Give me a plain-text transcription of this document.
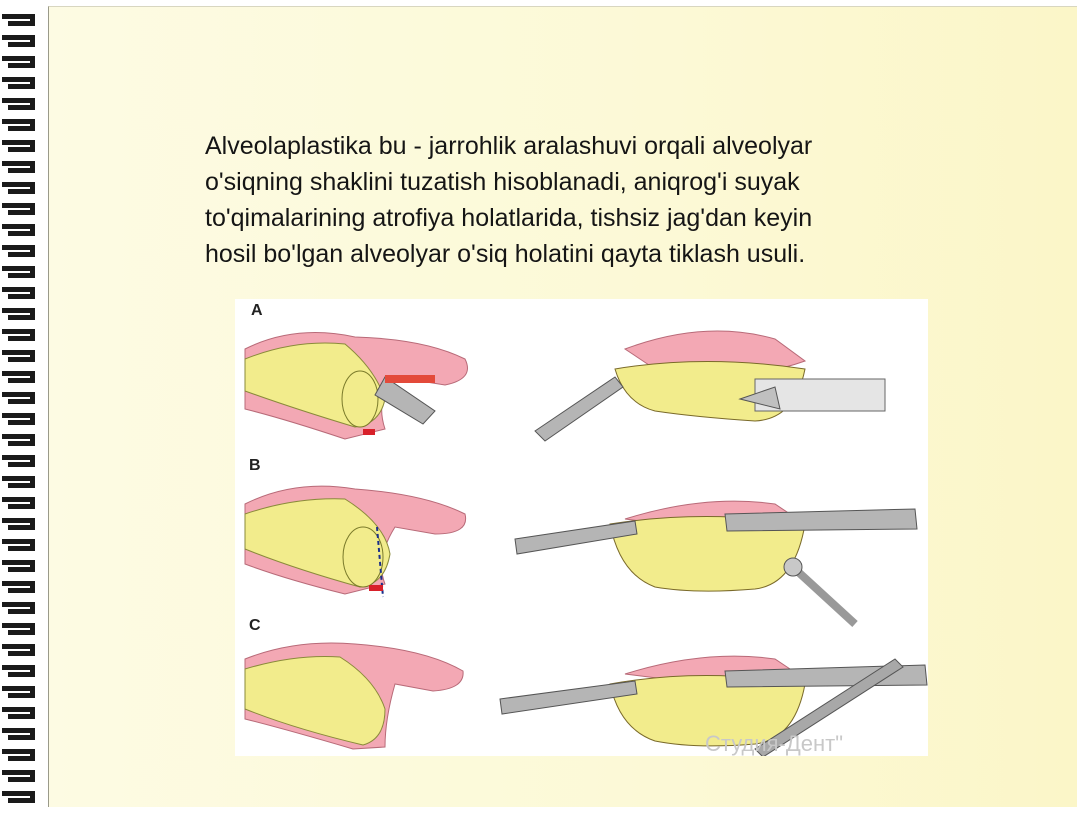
Alveolaplastika bu - jarrohlik aralashuvi orqali alveolyar
o'siqning shaklini tuzatish hisoblanadi, aniqrog'i suyak
to'qimalarining atrofiya holatlarida, tishsiz jag'dan keyin
hosil bo'lgan alveolyar o'siq holatini qayta tiklash usuli.
A
B
C
Студия-Дент"
